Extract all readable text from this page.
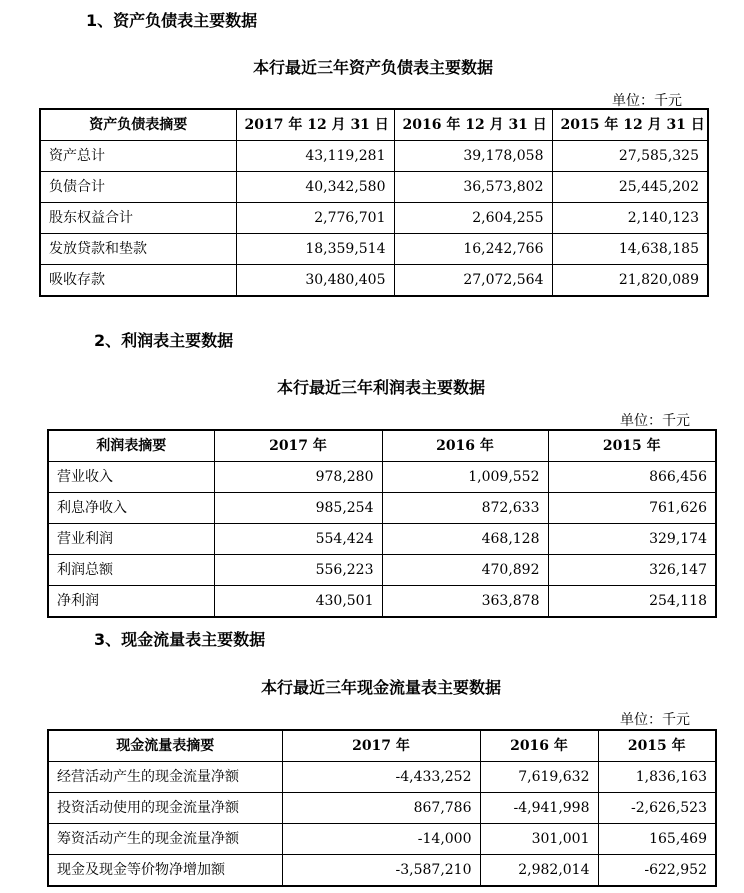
1、资产负债表主要数据
本行最近三年资产负债表主要数据
单位：千元
资产负债表摘要	2017 年 12 月 31 日	2016 年 12 月 31 日	2015 年 12 月 31 日
资产总计	43,119,281	39,178,058	27,585,325
负债合计	40,342,580	36,573,802	25,445,202
股东权益合计	2,776,701	2,604,255	2,140,123
发放贷款和垫款	18,359,514	16,242,766	14,638,185
吸收存款	30,480,405	27,072,564	21,820,089
2、利润表主要数据
本行最近三年利润表主要数据
单位：千元
利润表摘要	2017 年	2016 年	2015 年
营业收入	978,280	1,009,552	866,456
利息净收入	985,254	872,633	761,626
营业利润	554,424	468,128	329,174
利润总额	556,223	470,892	326,147
净利润	430,501	363,878	254,118
3、现金流量表主要数据
本行最近三年现金流量表主要数据
单位：千元
现金流量表摘要	2017 年	2016 年	2015 年
经营活动产生的现金流量净额	-4,433,252	7,619,632	1,836,163
投资活动使用的现金流量净额	867,786	-4,941,998	-2,626,523
筹资活动产生的现金流量净额	-14,000	301,001	165,469
现金及现金等价物净增加额	-3,587,210	2,982,014	-622,952
